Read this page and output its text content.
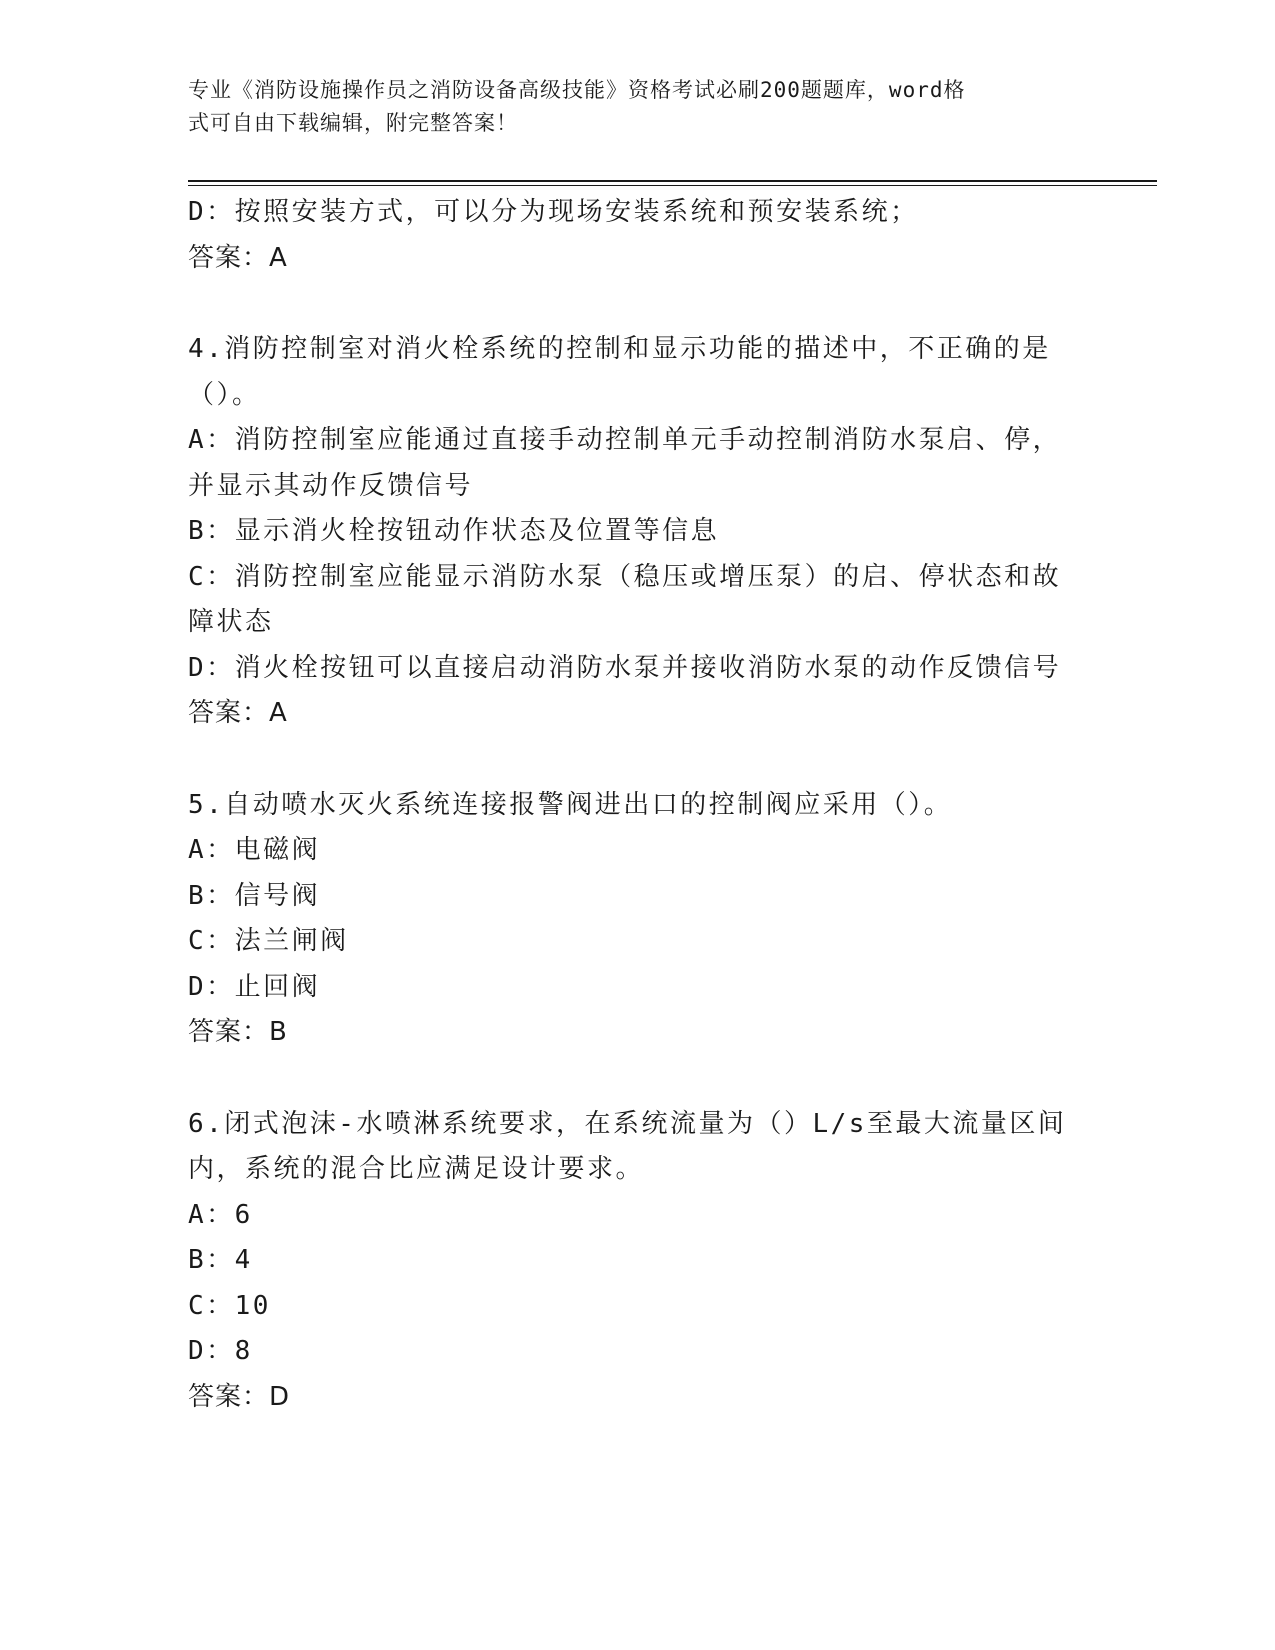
专业《消防设施操作员之消防设备高级技能》资格考试必刷200题题库，word格
式可自由下载编辑，附完整答案！
D：按照安装方式，可以分为现场安装系统和预安装系统；
答案：A
4.消防控制室对消火栓系统的控制和显示功能的描述中，不正确的是
（）。
A：消防控制室应能通过直接手动控制单元手动控制消防水泵启、停，
并显示其动作反馈信号
B：显示消火栓按钮动作状态及位置等信息
C：消防控制室应能显示消防水泵（稳压或增压泵）的启、停状态和故
障状态
D：消火栓按钮可以直接启动消防水泵并接收消防水泵的动作反馈信号
答案：A
5.自动喷水灭火系统连接报警阀进出口的控制阀应采用（）。
A：电磁阀
B：信号阀
C：法兰闸阀
D：止回阀
答案：B
6.闭式泡沫-水喷淋系统要求，在系统流量为（）L/s至最大流量区间
内，系统的混合比应满足设计要求。
A：6
B：4
C：10
D：8
答案：D
